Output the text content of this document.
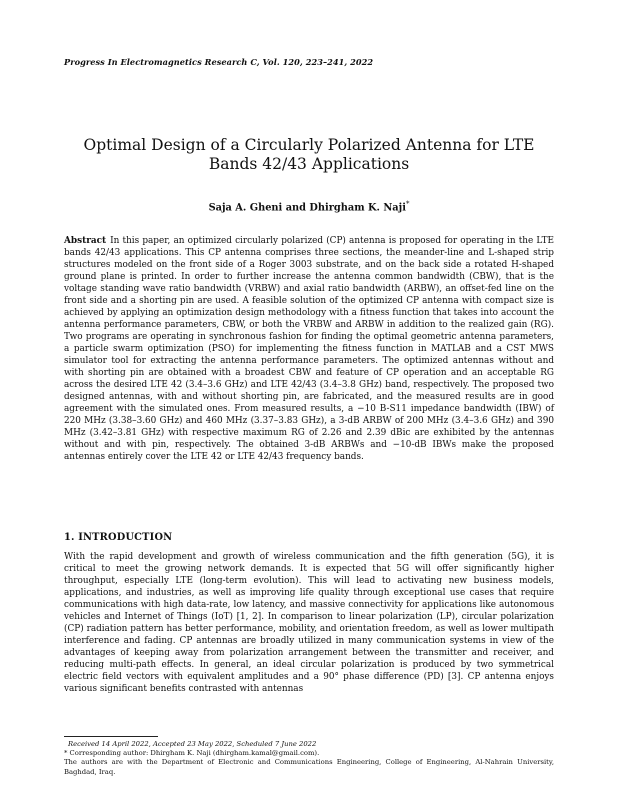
Progress In Electromagnetics Research C, Vol. 120, 223–241, 2022
Optimal Design of a Circularly Polarized Antenna for LTE Bands 42/43 Applications
Saja A. Gheni and Dhirgham K. Naji*
Abstract In this paper, an optimized circularly polarized (CP) antenna is proposed for operating in the LTE bands 42/43 applications. This CP antenna comprises three sections, the meander-line and L-shaped strip structures modeled on the front side of a Roger 3003 substrate, and on the back side a rotated H-shaped ground plane is printed. In order to further increase the antenna common bandwidth (CBW), that is the voltage standing wave ratio bandwidth (VRBW) and axial ratio bandwidth (ARBW), an offset-fed line on the front side and a shorting pin are used. A feasible solution of the optimized CP antenna with compact size is achieved by applying an optimization design methodology with a fitness function that takes into account the antenna performance parameters, CBW, or both the VRBW and ARBW in addition to the realized gain (RG). Two programs are operating in synchronous fashion for finding the optimal geometric antenna parameters, a particle swarm optimization (PSO) for implementing the fitness function in MATLAB and a CST MWS simulator tool for extracting the antenna performance parameters. The optimized antennas without and with shorting pin are obtained with a broadest CBW and feature of CP operation and an acceptable RG across the desired LTE 42 (3.4–3.6 GHz) and LTE 42/43 (3.4–3.8 GHz) band, respectively. The proposed two designed antennas, with and without shorting pin, are fabricated, and the measured results are in good agreement with the simulated ones. From measured results, a −10 B-S11 impedance bandwidth (IBW) of 220 MHz (3.38–3.60 GHz) and 460 MHz (3.37–3.83 GHz), a 3-dB ARBW of 200 MHz (3.4–3.6 GHz) and 390 MHz (3.42–3.81 GHz) with respective maximum RG of 2.26 and 2.39 dBic are exhibited by the antennas without and with pin, respectively. The obtained 3-dB ARBWs and −10-dB IBWs make the proposed antennas entirely cover the LTE 42 or LTE 42/43 frequency bands.
1. INTRODUCTION
With the rapid development and growth of wireless communication and the fifth generation (5G), it is critical to meet the growing network demands. It is expected that 5G will offer significantly higher throughput, especially LTE (long-term evolution). This will lead to activating new business models, applications, and industries, as well as improving life quality through exceptional use cases that require communications with high data-rate, low latency, and massive connectivity for applications like autonomous vehicles and Internet of Things (IoT) [1, 2]. In comparison to linear polarization (LP), circular polarization (CP) radiation pattern has better performance, mobility, and orientation freedom, as well as lower multipath interference and fading. CP antennas are broadly utilized in many communication systems in view of the advantages of keeping away from polarization arrangement between the transmitter and receiver, and reducing multi-path effects. In general, an ideal circular polarization is produced by two symmetrical electric field vectors with equivalent amplitudes and a 90° phase difference (PD) [3]. CP antenna enjoys various significant benefits contrasted with antennas
Received 14 April 2022, Accepted 23 May 2022, Scheduled 7 June 2022
* Corresponding author: Dhirgham K. Naji (dhirgham.kamal@gmail.com).
The authors are with the Department of Electronic and Communications Engineering, College of Engineering, Al-Nahrain University, Baghdad, Iraq.
